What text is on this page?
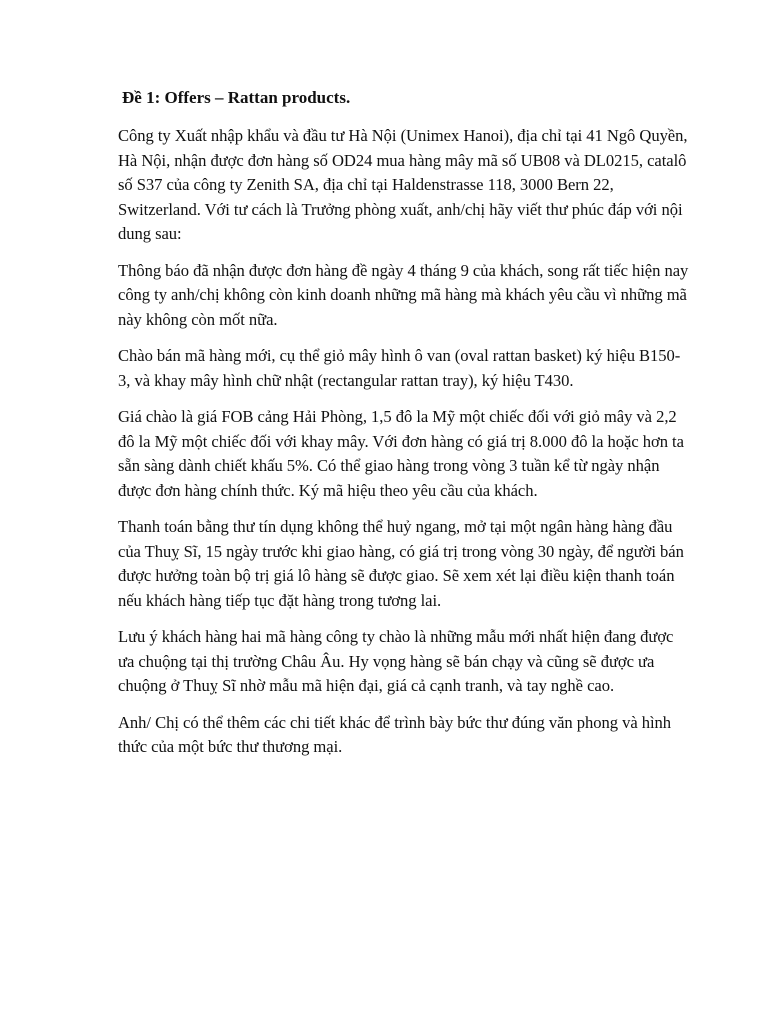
Đề 1: Offers – Rattan products.

Công ty Xuất nhập khẩu và đầu tư Hà Nội (Unimex Hanoi), địa chỉ tại 41 Ngô Quyền, Hà Nội, nhận được đơn hàng số OD24 mua hàng mây mã số UB08 và DL0215, catalô số S37 của công ty Zenith SA, địa chỉ tại Haldenstrasse 118, 3000 Bern 22, Switzerland. Với tư cách là Trưởng phòng xuất, anh/chị hãy viết thư phúc đáp với nội dung sau:

Thông báo đã nhận được đơn hàng đề ngày 4 tháng 9 của khách, song rất tiếc hiện nay công ty anh/chị không còn kinh doanh những mã hàng mà khách yêu cầu vì những mã này không còn mốt nữa.

Chào bán mã hàng mới, cụ thể giỏ mây hình ô van (oval rattan basket) ký hiệu B150-3, và khay mây hình chữ nhật (rectangular rattan tray), ký hiệu T430.

Giá chào là giá FOB cảng Hải Phòng, 1,5 đô la Mỹ một chiếc đối với giỏ mây và 2,2 đô la Mỹ một chiếc đối với khay mây. Với đơn hàng có giá trị 8.000 đô la hoặc hơn ta sẵn sàng dành chiết khấu 5%. Có thể giao hàng trong vòng 3 tuần kể từ ngày nhận được đơn hàng chính thức. Ký mã hiệu theo yêu cầu của khách.

Thanh toán bằng thư tín dụng không thể huỷ ngang, mở tại một ngân hàng hàng đầu của Thuỵ Sĩ, 15 ngày trước khi giao hàng, có giá trị trong vòng 30 ngày, để người bán được hưởng toàn bộ trị giá lô hàng sẽ được giao. Sẽ xem xét lại điều kiện thanh toán nếu khách hàng tiếp tục đặt hàng trong tương lai.

Lưu ý khách hàng hai mã hàng công ty chào là những mẫu mới nhất hiện đang được ưa chuộng tại thị trường Châu Âu. Hy vọng hàng sẽ bán chạy và cũng sẽ được ưa chuộng ở Thuỵ Sĩ nhờ mẫu mã hiện đại, giá cả cạnh tranh, và tay nghề cao.

Anh/ Chị có thể thêm các chi tiết khác để trình bày bức thư đúng văn phong và hình thức của một bức thư thương mại.
